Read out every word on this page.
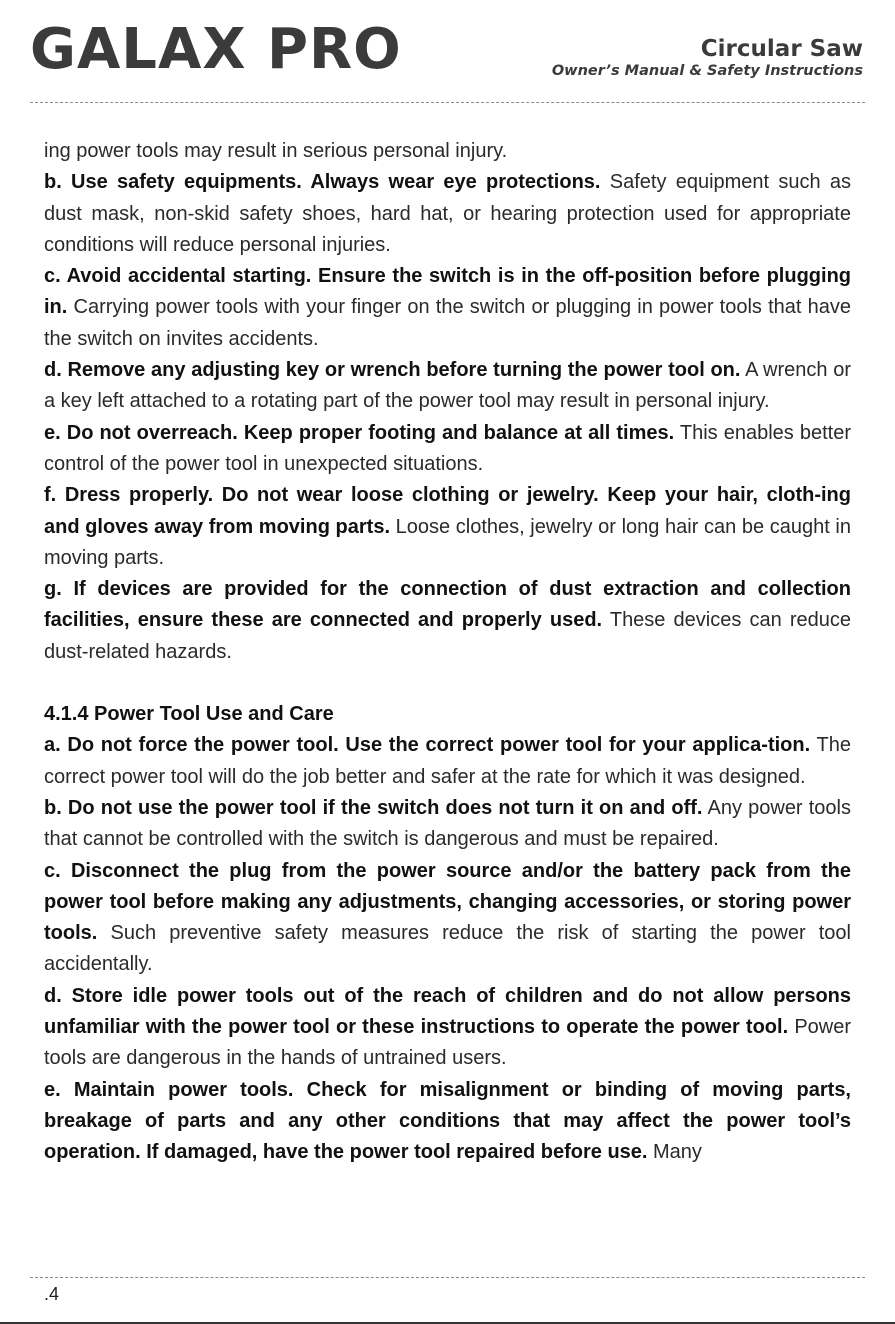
GALAX PRO	Circular Saw
Owner’s Manual & Safety Instructions

ing power tools may result in serious personal injury.

b. Use safety equipments. Always wear eye protections. Safety equipment such as dust mask, non-skid safety shoes, hard hat, or hearing protection used for appropriate conditions will reduce personal injuries.

c. Avoid accidental starting. Ensure the switch is in the off-position before plugging in. Carrying power tools with your finger on the switch or plugging in power tools that have the switch on invites accidents.

d. Remove any adjusting key or wrench before turning the power tool on. A wrench or a key left attached to a rotating part of the power tool may result in personal injury.

e. Do not overreach. Keep proper footing and balance at all times. This enables better control of the power tool in unexpected situations.

f. Dress properly. Do not wear loose clothing or jewelry. Keep your hair, cloth-ing and gloves away from moving parts. Loose clothes, jewelry or long hair can be caught in moving parts.

g. If devices are provided for the connection of dust extraction and collection facilities, ensure these are connected and properly used. These devices can reduce dust-related hazards.

4.1.4 Power Tool Use and Care

a. Do not force the power tool. Use the correct power tool for your applica-tion. The correct power tool will do the job better and safer at the rate for which it was designed.

b. Do not use the power tool if the switch does not turn it on and off. Any power tools that cannot be controlled with the switch is dangerous and must be repaired.

c. Disconnect the plug from the power source and/or the battery pack from the power tool before making any adjustments, changing accessories, or storing power tools. Such preventive safety measures reduce the risk of starting the power tool accidentally.

d. Store idle power tools out of the reach of children and do not allow persons unfamiliar with the power tool or these instructions to operate the power tool. Power tools are dangerous in the hands of untrained users.

e. Maintain power tools. Check for misalignment or binding of moving parts, breakage of parts and any other conditions that may affect the power tool’s operation. If damaged, have the power tool repaired before use. Many

.4
